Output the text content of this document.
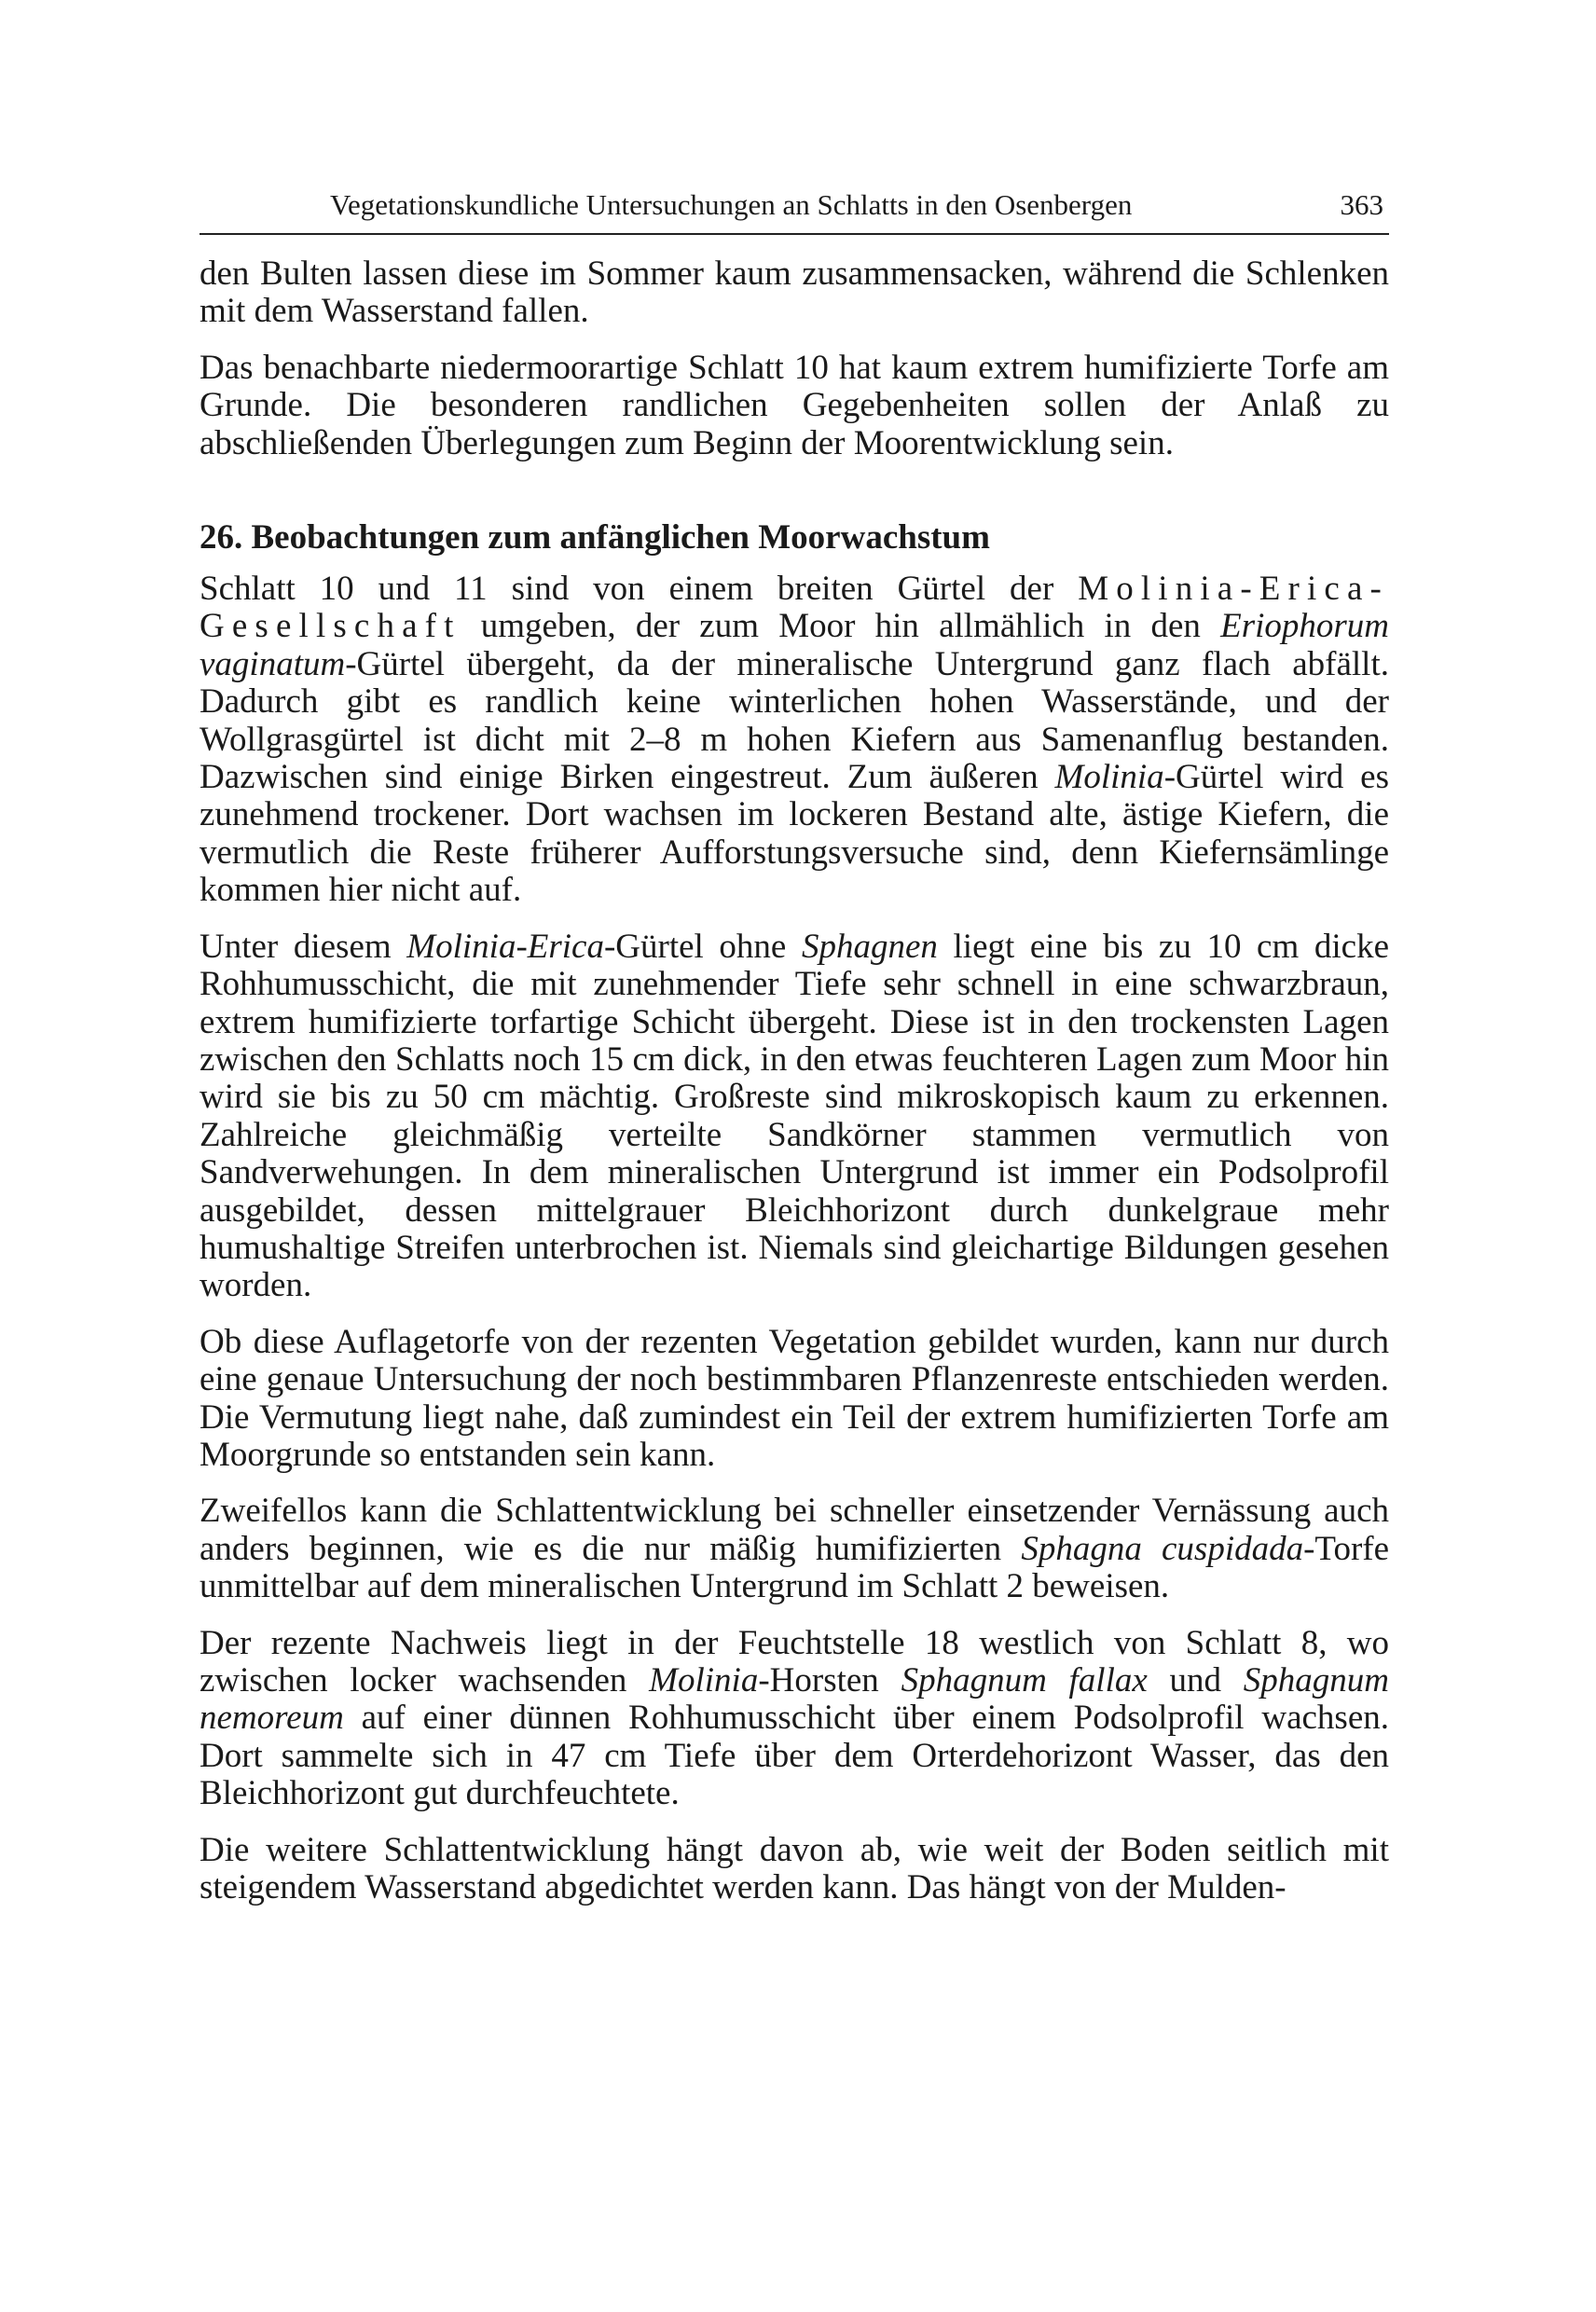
Vegetationskundliche Untersuchungen an Schlatts in den Osenbergen	363

den Bulten lassen diese im Sommer kaum zusammensacken, während die Schlenken mit dem Wasserstand fallen.

Das benachbarte niedermoorartige Schlatt 10 hat kaum extrem humifizierte Torfe am Grunde. Die besonderen randlichen Gegebenheiten sollen der Anlaß zu abschließenden Überlegungen zum Beginn der Moorentwicklung sein.

26. Beobachtungen zum anfänglichen Moorwachstum

Schlatt 10 und 11 sind von einem breiten Gürtel der Molinia-Erica-Gesellschaft umgeben, der zum Moor hin allmählich in den Eriophorum vaginatum-Gürtel übergeht, da der mineralische Untergrund ganz flach abfällt. Dadurch gibt es randlich keine winterlichen hohen Wasserstände, und der Wollgrasgürtel ist dicht mit 2–8 m hohen Kiefern aus Samenanflug bestanden. Dazwischen sind einige Birken eingestreut. Zum äußeren Molinia-Gürtel wird es zunehmend trockener. Dort wachsen im lockeren Bestand alte, ästige Kiefern, die vermutlich die Reste früherer Aufforstungsversuche sind, denn Kiefernsämlinge kommen hier nicht auf.

Unter diesem Molinia-Erica-Gürtel ohne Sphagnen liegt eine bis zu 10 cm dicke Rohhumusschicht, die mit zunehmender Tiefe sehr schnell in eine schwarzbraun, extrem humifizierte torfartige Schicht übergeht. Diese ist in den trockensten Lagen zwischen den Schlatts noch 15 cm dick, in den etwas feuchteren Lagen zum Moor hin wird sie bis zu 50 cm mächtig. Großreste sind mikroskopisch kaum zu erkennen. Zahlreiche gleichmäßig verteilte Sandkörner stammen vermutlich von Sandverwehungen. In dem mineralischen Untergrund ist immer ein Podsolprofil ausgebildet, dessen mittelgrauer Bleichhorizont durch dunkelgraue mehr humushaltige Streifen unterbrochen ist. Niemals sind gleichartige Bildungen gesehen worden.

Ob diese Auflagetorfe von der rezenten Vegetation gebildet wurden, kann nur durch eine genaue Untersuchung der noch bestimmbaren Pflanzenreste entschieden werden. Die Vermutung liegt nahe, daß zumindest ein Teil der extrem humifizierten Torfe am Moorgrunde so entstanden sein kann.

Zweifellos kann die Schlattentwicklung bei schneller einsetzender Vernässung auch anders beginnen, wie es die nur mäßig humifizierten Sphagna cuspidada-Torfe unmittelbar auf dem mineralischen Untergrund im Schlatt 2 beweisen.

Der rezente Nachweis liegt in der Feuchtstelle 18 westlich von Schlatt 8, wo zwischen locker wachsenden Molinia-Horsten Sphagnum fallax und Sphagnum nemoreum auf einer dünnen Rohhumusschicht über einem Podsolprofil wachsen. Dort sammelte sich in 47 cm Tiefe über dem Orterdehorizont Wasser, das den Bleichhorizont gut durchfeuchtete.

Die weitere Schlattentwicklung hängt davon ab, wie weit der Boden seitlich mit steigendem Wasserstand abgedichtet werden kann. Das hängt von der Mulden-
